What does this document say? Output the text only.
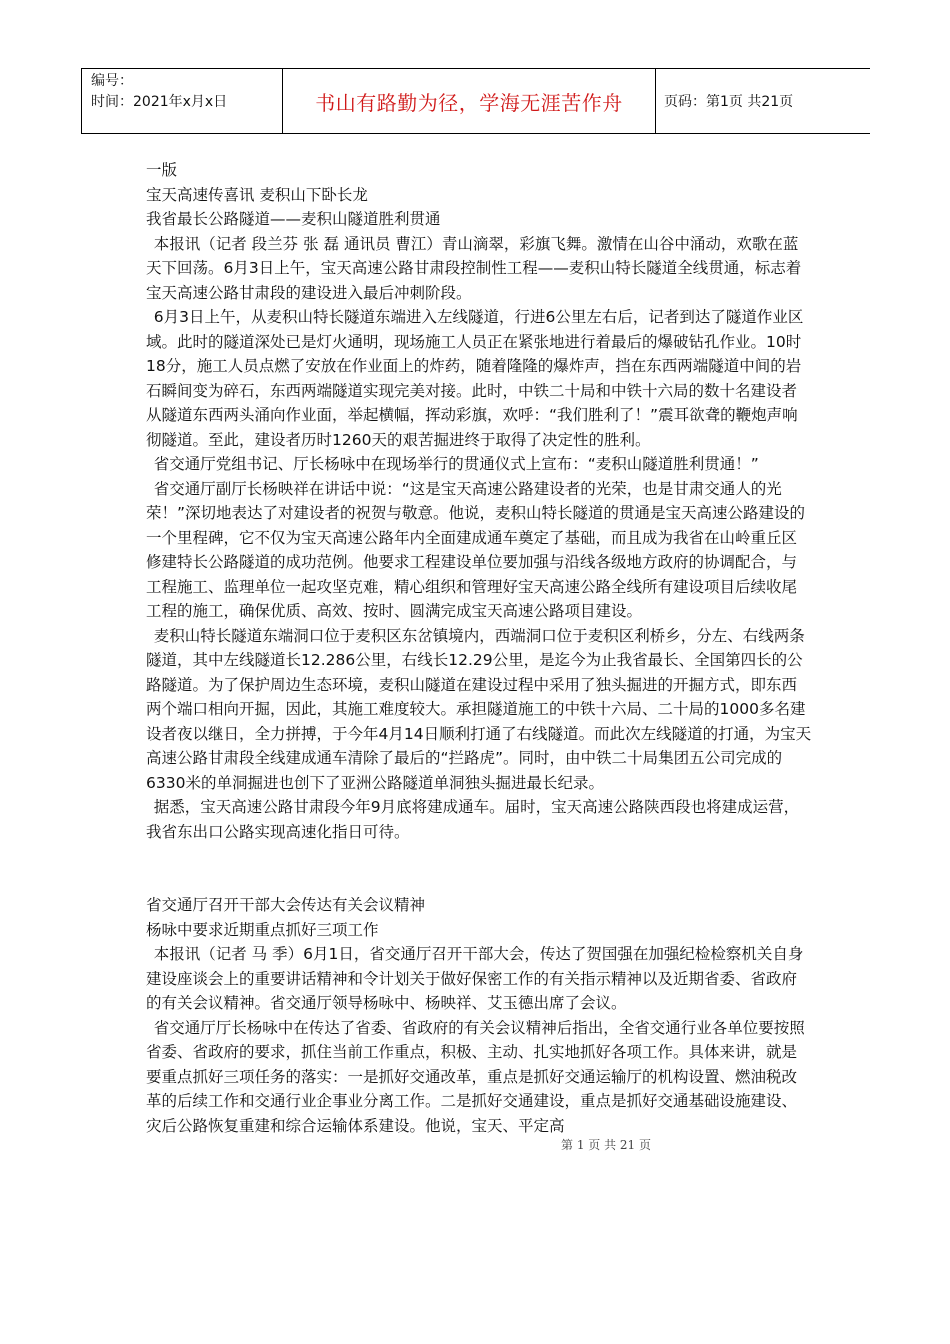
编号：
时间：2021年x月x日	书山有路勤为径，学海无涯苦作舟	页码：第1页 共21页

一版

宝天高速传喜讯 麦积山下卧长龙

我省最长公路隧道——麦积山隧道胜利贯通

本报讯（记者 段兰芬 张 磊 通讯员 曹江）青山滴翠，彩旗飞舞。激情在山谷中涌动，欢歌在蓝天下回荡。6月3日上午，宝天高速公路甘肃段控制性工程——麦积山特长隧道全线贯通，标志着宝天高速公路甘肃段的建设进入最后冲刺阶段。

6月3日上午，从麦积山特长隧道东端进入左线隧道，行进6公里左右后，记者到达了隧道作业区域。此时的隧道深处已是灯火通明，现场施工人员正在紧张地进行着最后的爆破钻孔作业。10时18分，施工人员点燃了安放在作业面上的炸药，随着隆隆的爆炸声，挡在东西两端隧道中间的岩石瞬间变为碎石，东西两端隧道实现完美对接。此时，中铁二十局和中铁十六局的数十名建设者从隧道东西两头涌向作业面，举起横幅，挥动彩旗，欢呼：“我们胜利了！”震耳欲聋的鞭炮声响彻隧道。至此，建设者历时1260天的艰苦掘进终于取得了决定性的胜利。

省交通厅党组书记、厅长杨咏中在现场举行的贯通仪式上宣布：“麦积山隧道胜利贯通！”

省交通厅副厅长杨映祥在讲话中说：“这是宝天高速公路建设者的光荣，也是甘肃交通人的光荣！”深切地表达了对建设者的祝贺与敬意。他说，麦积山特长隧道的贯通是宝天高速公路建设的一个里程碑，它不仅为宝天高速公路年内全面建成通车奠定了基础，而且成为我省在山岭重丘区修建特长公路隧道的成功范例。他要求工程建设单位要加强与沿线各级地方政府的协调配合，与工程施工、监理单位一起攻坚克难，精心组织和管理好宝天高速公路全线所有建设项目后续收尾工程的施工，确保优质、高效、按时、圆满完成宝天高速公路项目建设。

麦积山特长隧道东端洞口位于麦积区东岔镇境内，西端洞口位于麦积区利桥乡，分左、右线两条隧道，其中左线隧道长12.286公里，右线长12.29公里，是迄今为止我省最长、全国第四长的公路隧道。为了保护周边生态环境，麦积山隧道在建设过程中采用了独头掘进的开掘方式，即东西两个端口相向开掘，因此，其施工难度较大。承担隧道施工的中铁十六局、二十局的1000多名建设者夜以继日，全力拼搏，于今年4月14日顺利打通了右线隧道。而此次左线隧道的打通，为宝天高速公路甘肃段全线建成通车清除了最后的“拦路虎”。同时，由中铁二十局集团五公司完成的6330米的单洞掘进也创下了亚洲公路隧道单洞独头掘进最长纪录。

据悉，宝天高速公路甘肃段今年9月底将建成通车。届时，宝天高速公路陕西段也将建成运营，我省东出口公路实现高速化指日可待。

省交通厅召开干部大会传达有关会议精神

杨咏中要求近期重点抓好三项工作

本报讯（记者 马 季）6月1日，省交通厅召开干部大会，传达了贺国强在加强纪检检察机关自身建设座谈会上的重要讲话精神和令计划关于做好保密工作的有关指示精神以及近期省委、省政府的有关会议精神。省交通厅领导杨咏中、杨映祥、艾玉德出席了会议。

省交通厅厅长杨咏中在传达了省委、省政府的有关会议精神后指出，全省交通行业各单位要按照省委、省政府的要求，抓住当前工作重点，积极、主动、扎实地抓好各项工作。具体来讲，就是要重点抓好三项任务的落实：一是抓好交通改革，重点是抓好交通运输厅的机构设置、燃油税改革的后续工作和交通行业企事业分离工作。二是抓好交通建设，重点是抓好交通基础设施建设、灾后公路恢复重建和综合运输体系建设。他说，宝天、平定高

第 1 页 共 21 页
